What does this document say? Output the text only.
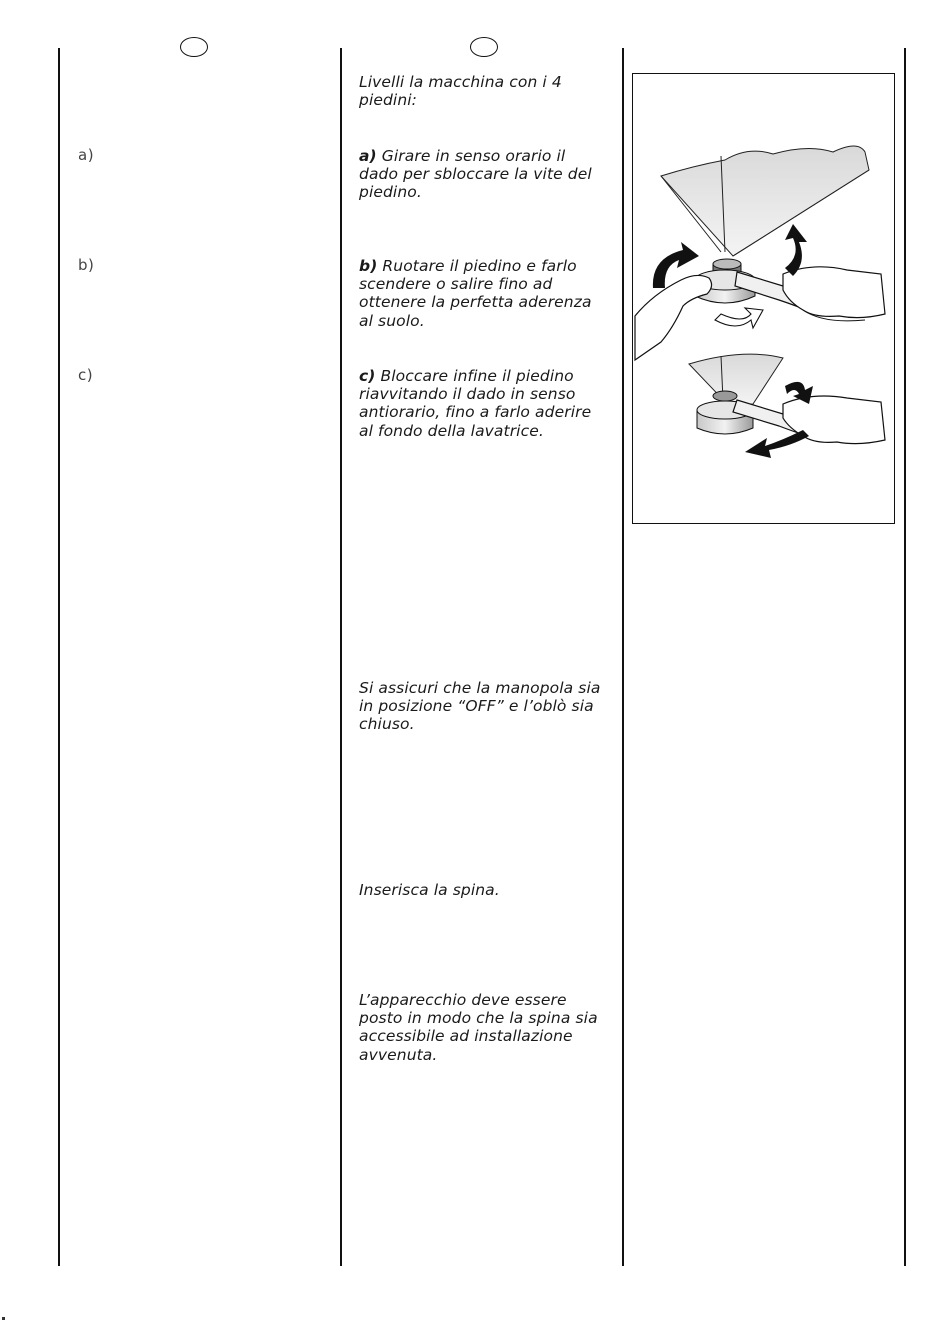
a)
b)
c)
Livelli la macchina con i 4 piedini:
a) Girare in senso orario il dado per sbloccare la vite del piedino.
b) Ruotare il piedino e farlo scendere o salire fino ad ottenere la perfetta aderenza al suolo.
c) Bloccare infine il piedino riavvitando il dado in senso antiorario, fino a farlo aderire al fondo della lavatrice.
Si assicuri che la manopola sia in posizione “OFF” e l’oblò sia chiuso.
Inserisca la spina.
L’apparecchio deve essere posto in modo che la spina sia accessibile ad installazione avvenuta.
